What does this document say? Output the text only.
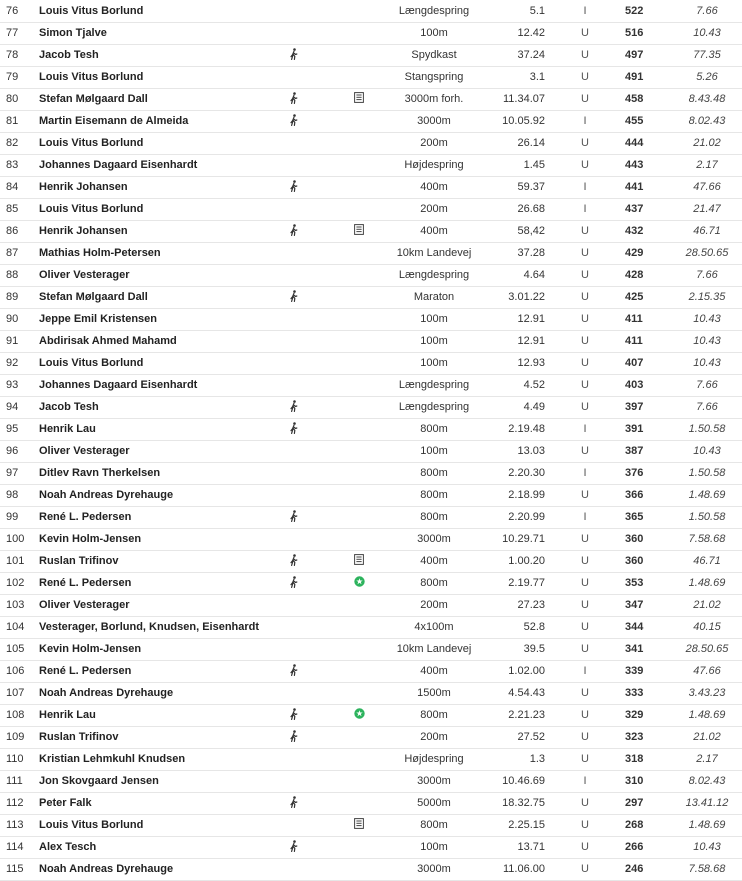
76	Louis Vitus Borlund			Længdespring	5.1	I	522	7.66
77	Simon Tjalve			100m	12.42	U	516	10.43
78	Jacob Tesh			Spydkast	37.24	U	497	77.35
79	Louis Vitus Borlund			Stangspring	3.1	U	491	5.26
80	Stefan Mølgaard Dall			3000m forh.	11.34.07	U	458	8.43.48
81	Martin Eisemann de Almeida			3000m	10.05.92	I	455	8.02.43
82	Louis Vitus Borlund			200m	26.14	U	444	21.02
83	Johannes Dagaard Eisenhardt			Højdespring	1.45	U	443	2.17
84	Henrik Johansen			400m	59.37	I	441	47.66
85	Louis Vitus Borlund			200m	26.68	I	437	21.47
86	Henrik Johansen			400m	58,42	U	432	46.71
87	Mathias Holm-Petersen			10km Landevej	37.28	U	429	28.50.65
88	Oliver Vesterager			Længdespring	4.64	U	428	7.66
89	Stefan Mølgaard Dall			Maraton	3.01.22	U	425	2.15.35
90	Jeppe Emil Kristensen			100m	12.91	U	411	10.43
91	Abdirisak Ahmed Mahamd			100m	12.91	U	411	10.43
92	Louis Vitus Borlund			100m	12.93	U	407	10.43
93	Johannes Dagaard Eisenhardt			Længdespring	4.52	U	403	7.66
94	Jacob Tesh			Længdespring	4.49	U	397	7.66
95	Henrik Lau			800m	2.19.48	I	391	1.50.58
96	Oliver Vesterager			100m	13.03	U	387	10.43
97	Ditlev Ravn Therkelsen			800m	2.20.30	I	376	1.50.58
98	Noah Andreas Dyrehauge			800m	2.18.99	U	366	1.48.69
99	René L. Pedersen			800m	2.20.99	I	365	1.50.58
100	Kevin Holm-Jensen			3000m	10.29.71	U	360	7.58.68
101	Ruslan Trifinov			400m	1.00.20	U	360	46.71
102	René L. Pedersen			800m	2.19.77	U	353	1.48.69
103	Oliver Vesterager			200m	27.23	U	347	21.02
104	Vesterager, Borlund, Knudsen, Eisenhardt			4x100m	52.8	U	344	40.15
105	Kevin Holm-Jensen			10km Landevej	39.5	U	341	28.50.65
106	René L. Pedersen			400m	1.02.00	I	339	47.66
107	Noah Andreas Dyrehauge			1500m	4.54.43	U	333	3.43.23
108	Henrik Lau			800m	2.21.23	U	329	1.48.69
109	Ruslan Trifinov			200m	27.52	U	323	21.02
110	Kristian Lehmkuhl Knudsen			Højdespring	1.3	U	318	2.17
111	Jon Skovgaard Jensen			3000m	10.46.69	I	310	8.02.43
112	Peter Falk			5000m	18.32.75	U	297	13.41.12
113	Louis Vitus Borlund			800m	2.25.15	U	268	1.48.69
114	Alex Tesch			100m	13.71	U	266	10.43
115	Noah Andreas Dyrehauge			3000m	11.06.00	U	246	7.58.68
